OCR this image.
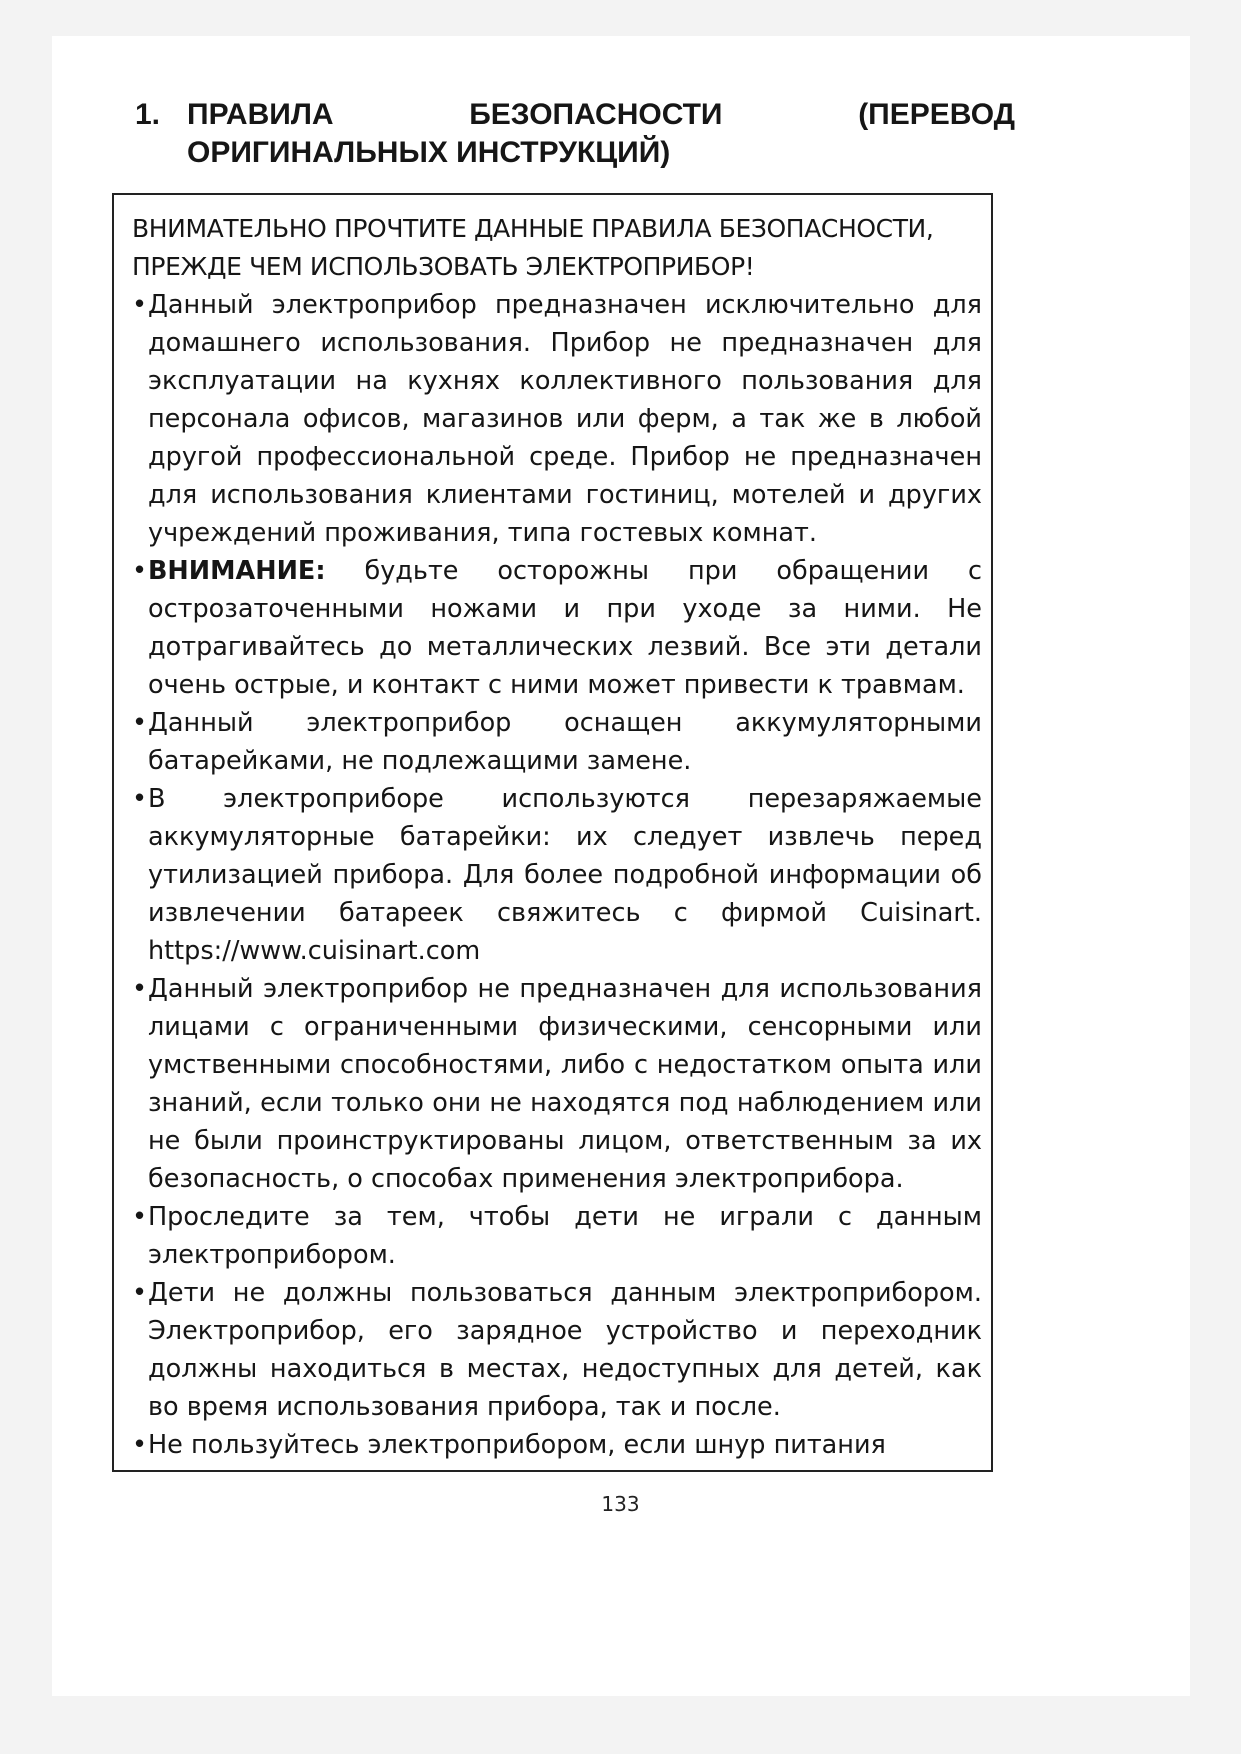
1. ПРАВИЛА БЕЗОПАСНОСТИ (ПЕРЕВОД ОРИГИНАЛЬНЫХ ИНСТРУКЦИЙ)

ВНИМАТЕЛЬНО ПРОЧТИТЕ ДАННЫЕ ПРАВИЛА БЕЗОПАСНОСТИ, ПРЕЖДЕ ЧЕМ ИСПОЛЬЗОВАТЬ ЭЛЕКТРОПРИБОР!

• Данный электроприбор предназначен исключительно для домашнего использования. Прибор не предназначен для эксплуатации на кухнях коллективного пользования для персонала офисов, магазинов или ферм, а так же в любой другой профессиональной среде. Прибор не предназначен для использования клиентами гостиниц, мотелей и других учреждений проживания, типа гостевых комнат.
• ВНИМАНИЕ: будьте осторожны при обращении с острозаточенными ножами и при уходе за ними. Не дотрагивайтесь до металлических лезвий. Все эти детали очень острые, и контакт с ними может привести к травмам.
• Данный электроприбор оснащен аккумуляторными батарейками, не подлежащими замене.
• В электроприборе используются перезаряжаемые аккумуляторные батарейки: их следует извлечь перед утилизацией прибора. Для более подробной информации об извлечении батареек свяжитесь с фирмой Cuisinart. https://www.cuisinart.com
• Данный электроприбор не предназначен для использования лицами с ограниченными физическими, сенсорными или умственными способностями, либо с недостатком опыта или знаний, если только они не находятся под наблюдением или не были проинструктированы лицом, ответственным за их безопасность, о способах применения электроприбора.
• Проследите за тем, чтобы дети не играли с данным электроприбором.
• Дети не должны пользоваться данным электроприбором. Электроприбор, его зарядное устройство и переходник должны находиться в местах, недоступных для детей, как во время использования прибора, так и после.
• Не пользуйтесь электроприбором, если шнур питания
133
